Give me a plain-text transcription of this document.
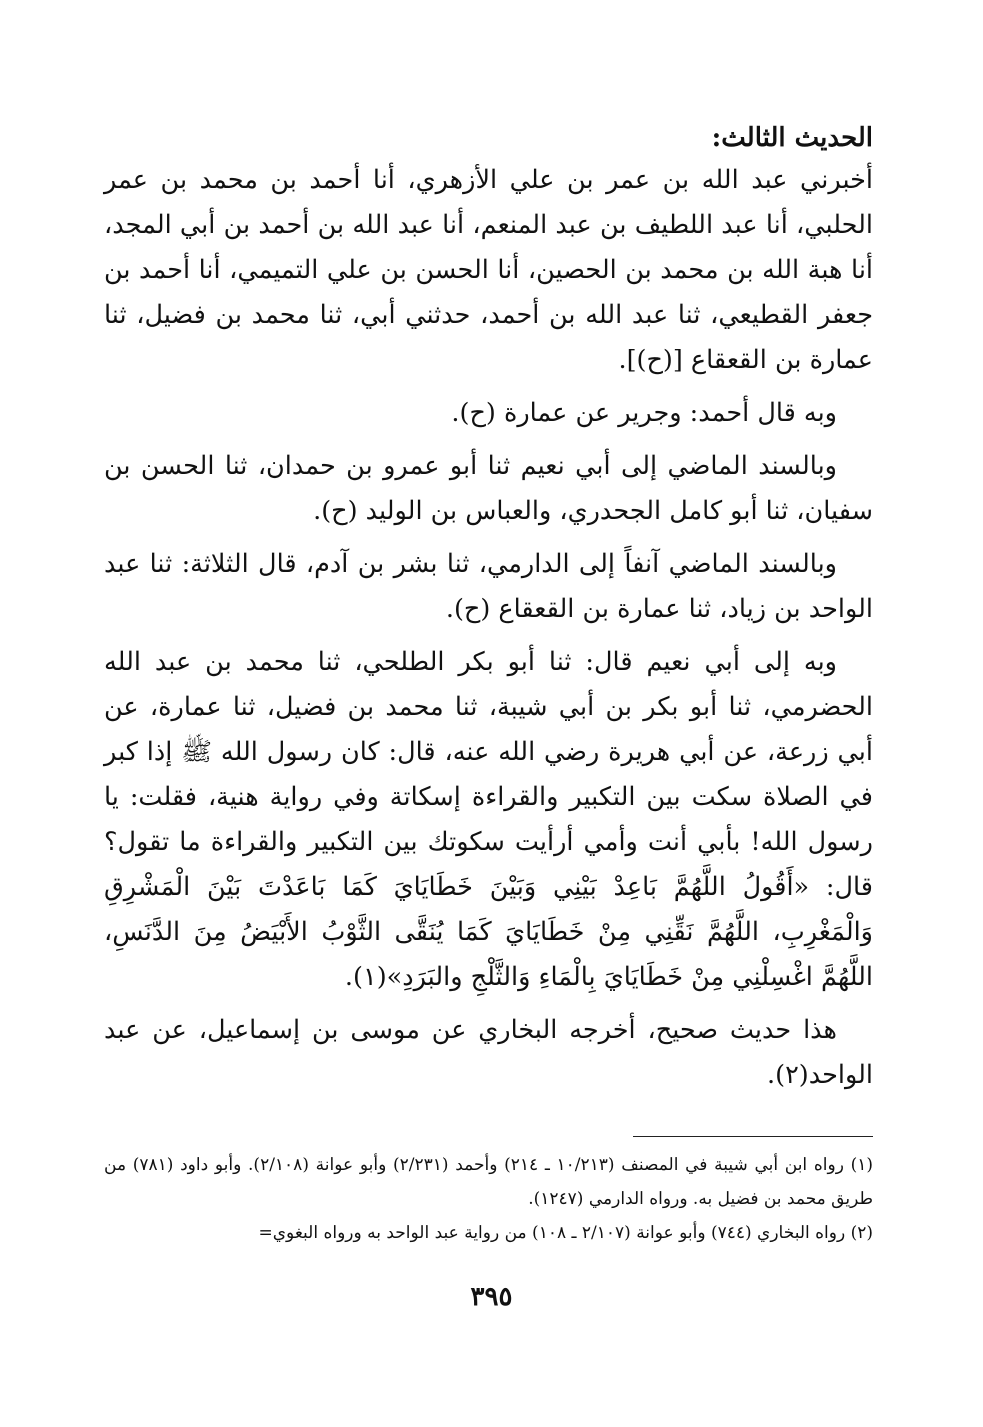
الحديث الثالث:

أخبرني عبد الله بن عمر بن علي الأزهري، أنا أحمد بن محمد بن عمر الحلبي، أنا عبد اللطيف بن عبد المنعم، أنا عبد الله بن أحمد بن أبي المجد، أنا هبة الله بن محمد بن الحصين، أنا الحسن بن علي التميمي، أنا أحمد بن جعفر القطيعي، ثنا عبد الله بن أحمد، حدثني أبي، ثنا محمد بن فضيل، ثنا عمارة بن القعقاع [(ح)].

وبه قال أحمد: وجرير عن عمارة (ح).

وبالسند الماضي إلى أبي نعيم ثنا أبو عمرو بن حمدان، ثنا الحسن بن سفيان، ثنا أبو كامل الجحدري، والعباس بن الوليد (ح).

وبالسند الماضي آنفاً إلى الدارمي، ثنا بشر بن آدم، قال الثلاثة: ثنا عبد الواحد بن زياد، ثنا عمارة بن القعقاع (ح).

وبه إلى أبي نعيم قال: ثنا أبو بكر الطلحي، ثنا محمد بن عبد الله الحضرمي، ثنا أبو بكر بن أبي شيبة، ثنا محمد بن فضيل، ثنا عمارة، عن أبي زرعة، عن أبي هريرة رضي الله عنه، قال: كان رسول الله ﷺ إذا كبر في الصلاة سكت بين التكبير والقراءة إسكاتة وفي رواية هنية، فقلت: يا رسول الله! بأبي أنت وأمي أرأيت سكوتك بين التكبير والقراءة ما تقول؟ قال: «أَقُولُ اللَّهُمَّ بَاعِدْ بَيْنِي وَبَيْنَ خَطَايَايَ كَمَا بَاعَدْتَ بَيْنَ الْمَشْرِقِ وَالْمَغْرِبِ، اللَّهُمَّ نَقِّنِي مِنْ خَطَايَايَ كَمَا يُنَقَّى الثَّوْبُ الأَبْيَضُ مِنَ الدَّنَسِ، اللَّهُمَّ اغْسِلْنِي مِنْ خَطَايَايَ بِالْمَاءِ وَالثَّلْجِ والبَرَدِ»(١).

هذا حديث صحيح، أخرجه البخاري عن موسى بن إسماعيل، عن عبد الواحد(٢).

(١) رواه ابن أبي شيبة في المصنف (١٠/٢١٣ ـ ٢١٤) وأحمد (٢/٢٣١) وأبو عوانة (٢/١٠٨). وأبو داود (٧٨١) من طريق محمد بن فضيل به. ورواه الدارمي (١٢٤٧).

(٢) رواه البخاري (٧٤٤) وأبو عوانة (٢/١٠٧ ـ ١٠٨) من رواية عبد الواحد به ورواه البغوي=

٣٩٥
